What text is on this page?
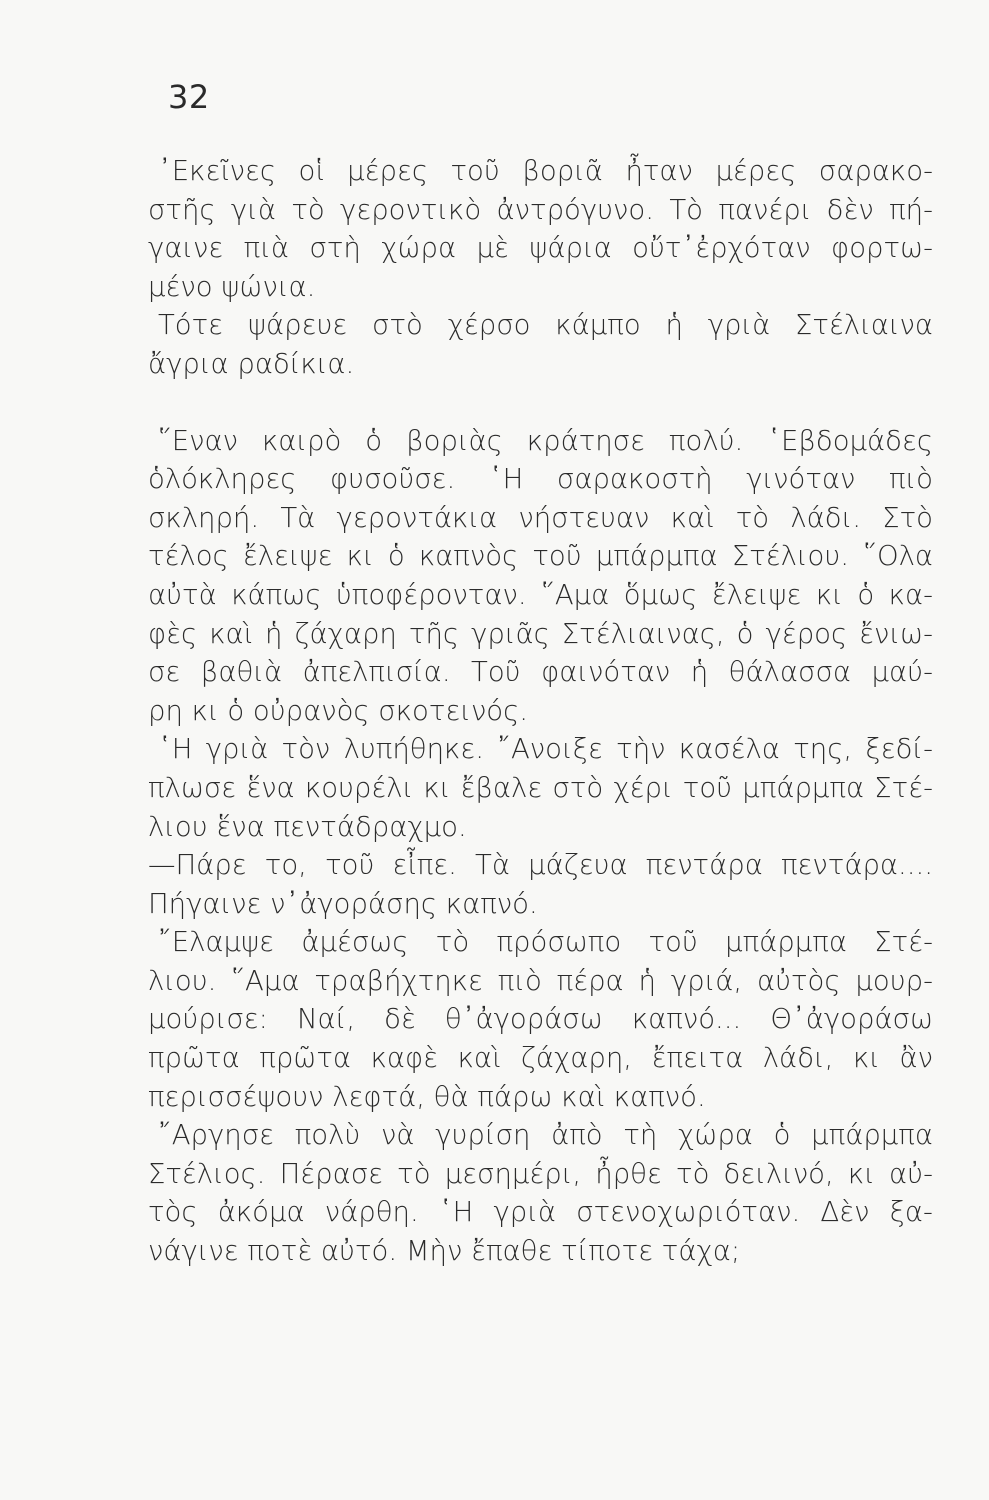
32
᾿Εκεῖνες οἱ μέρες τοῦ βοριᾶ ἦταν μέρες σαρακο-
στῆς γιὰ τὸ γεροντικὸ ἀντρόγυνο. Τὸ πανέρι δὲν πή-
γαινε πιὰ στὴ χώρα μὲ ψάρια οὔτ᾿ἐρχόταν φορτω-
μένο ψώνια.
Τότε ψάρευε στὸ χέρσο κάμπο ἡ γριὰ Στέλιαινα
ἄγρια ραδίκια.
῞Εναν καιρὸ ὁ βοριὰς κράτησε πολύ. ῾Εβδομάδες
ὁλόκληρες φυσοῦσε. ῾Η σαρακοστὴ γινόταν πιὸ
σκληρή. Τὰ γεροντάκια νήστευαν καὶ τὸ λάδι. Στὸ
τέλος ἔλειψε κι ὁ καπνὸς τοῦ μπάρμπα Στέλιου. ῞Ολα
αὐτὰ κάπως ὑποφέρονταν. ῞Αμα ὅμως ἔλειψε κι ὁ κα-
φὲς καὶ ἡ ζάχαρη τῆς γριᾶς Στέλιαινας, ὁ γέρος ἔνιω-
σε βαθιὰ ἀπελπισία. Τοῦ φαινόταν ἡ θάλασσα μαύ-
ρη κι ὁ οὐρανὸς σκοτεινός.
῾Η γριὰ τὸν λυπήθηκε. ῎Ανοιξε τὴν κασέλα της, ξεδί-
πλωσε ἕνα κουρέλι κι ἔβαλε στὸ χέρι τοῦ μπάρμπα Στέ-
λιου ἕνα πεντάδραχμο.
—Πάρε το, τοῦ εἶπε. Τὰ μάζευα πεντάρα πεντάρα....
Πήγαινε ν᾿ἀγοράσης καπνό.
῎Ελαμψε ἀμέσως τὸ πρόσωπο τοῦ μπάρμπα Στέ-
λιου. ῞Αμα τραβήχτηκε πιὸ πέρα ἡ γριά, αὐτὸς μουρ-
μούρισε: Ναί, δὲ θ᾿ἀγοράσω καπνό... Θ᾿ἀγοράσω
πρῶτα πρῶτα καφὲ καὶ ζάχαρη, ἔπειτα λάδι, κι ἂν
περισσέψουν λεφτά, θὰ πάρω καὶ καπνό.
῎Αργησε πολὺ νὰ γυρίση ἀπὸ τὴ χώρα ὁ μπάρμπα
Στέλιος. Πέρασε τὸ μεσημέρι, ἦρθε τὸ δειλινό, κι αὐ-
τὸς ἀκόμα νάρθη. ῾Η γριὰ στενοχωριόταν. Δὲν ξα-
νάγινε ποτὲ αὐτό. Μὴν ἔπαθε τίποτε τάχα;
